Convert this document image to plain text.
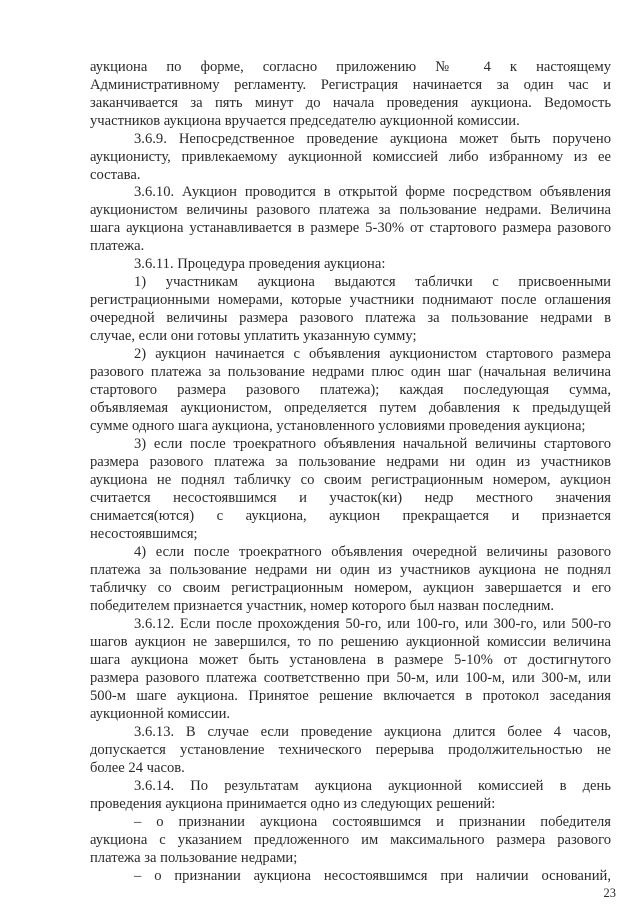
аукциона по форме, согласно приложению № 4 к настоящему
Административному регламенту. Регистрация начинается за один час и
заканчивается за пять минут до начала проведения аукциона. Ведомость
участников аукциона вручается председателю аукционной комиссии.
3.6.9. Непосредственное проведение аукциона может быть поручено
аукционисту, привлекаемому аукционной комиссией либо избранному из ее
состава.
3.6.10. Аукцион проводится в открытой форме посредством объявления
аукционистом величины разового платежа за пользование недрами. Величина
шага аукциона устанавливается в размере 5-30% от стартового размера разового
платежа.
3.6.11. Процедура проведения аукциона:
1) участникам аукциона выдаются таблички с присвоенными
регистрационными номерами, которые участники поднимают после оглашения
очередной величины размера разового платежа за пользование недрами в
случае, если они готовы уплатить указанную сумму;
2) аукцион начинается с объявления аукционистом стартового размера
разового платежа за пользование недрами плюс один шаг (начальная величина
стартового размера разового платежа); каждая последующая сумма,
объявляемая аукционистом, определяется путем добавления к предыдущей
сумме одного шага аукциона, установленного условиями проведения аукциона;
3) если после троекратного объявления начальной величины стартового
размера разового платежа за пользование недрами ни один из участников
аукциона не поднял табличку со своим регистрационным номером, аукцион
считается несостоявшимся и участок(ки) недр местного значения
снимается(ются) с аукциона, аукцион прекращается и признается
несостоявшимся;
4) если после троекратного объявления очередной величины разового
платежа за пользование недрами ни один из участников аукциона не поднял
табличку со своим регистрационным номером, аукцион завершается и его
победителем признается участник, номер которого был назван последним.
3.6.12. Если после прохождения 50-го, или 100-го, или 300-го, или 500-го
шагов аукцион не завершился, то по решению аукционной комиссии величина
шага аукциона может быть установлена в размере 5-10% от достигнутого
размера разового платежа соответственно при 50-м, или 100-м, или 300-м, или
500-м шаге аукциона. Принятое решение включается в протокол заседания
аукционной комиссии.
3.6.13. В случае если проведение аукциона длится более 4 часов,
допускается установление технического перерыва продолжительностью не
более 24 часов.
3.6.14. По результатам аукциона аукционной комиссией в день
проведения аукциона принимается одно из следующих решений:
– о признании аукциона состоявшимся и признании победителя
аукциона с указанием предложенного им максимального размера разового
платежа за пользование недрами;
– о признании аукциона несостоявшимся при наличии оснований,
23
